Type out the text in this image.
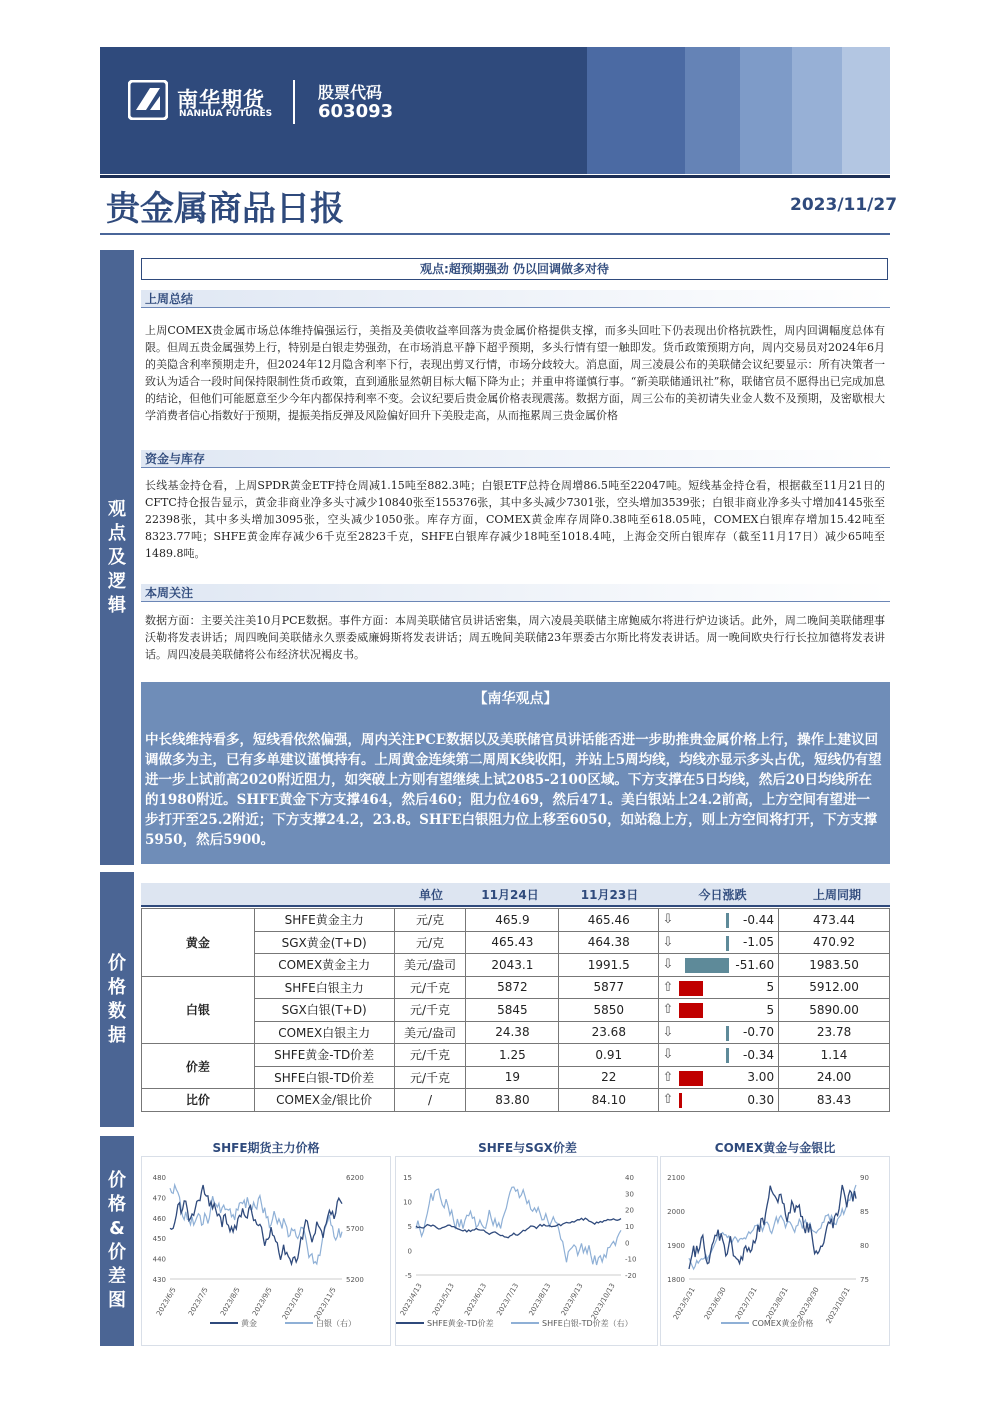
南华期货
NANHUA FUTURES
股票代码
603093
贵金属商品日报	2023/11/27
观点及逻辑
价格数据
价格&价差图
观点:超预期强劲 仍以回调做多对待
上周总结
上周COMEX贵金属市场总体维持偏强运行，美指及美债收益率回落为贵金属价格提供支撑，而多头回吐下仍表现出价格抗跌性，周内回调幅度总体有限。但周五贵金属强势上行，特别是白银走势强劲，在市场消息平静下超乎预期，多头行情有望一触即发。货币政策预期方向，周内交易员对2024年6月的美隐含利率预期走升，但2024年12月隐含利率下行，表现出剪叉行情，市场分歧较大。消息面，周三凌晨公布的美联储会议纪要显示：所有决策者一致认为适合一段时间保持限制性货币政策，直到通胀显然朝目标大幅下降为止；并重申将谨慎行事。“新美联储通讯社”称，联储官员不愿得出已完成加息的结论，但他们可能愿意至少今年内都保持利率不变。会议纪要后贵金属价格表现震荡。数据方面，周三公布的美初请失业金人数不及预期，及密歇根大学消费者信心指数好于预期，提振美指反弹及风险偏好回升下美股走高，从而拖累周三贵金属价格
资金与库存
长线基金持仓看，上周SPDR黄金ETF持仓周减1.15吨至882.3吨；白银ETF总持仓周增86.5吨至22047吨。短线基金持仓看，根据截至11月21日的CFTC持仓报告显示，黄金非商业净多头寸减少10840张至155376张，其中多头减少7301张，空头增加3539张；白银非商业净多头寸增加4145张至22398张，其中多头增加3095张，空头减少1050张。库存方面，COMEX黄金库存周降0.38吨至618.05吨，COMEX白银库存增加15.42吨至8323.77吨；SHFE黄金库存减少6千克至2823千克，SHFE白银库存减少18吨至1018.4吨，上海金交所白银库存（截至11月17日）减少65吨至1489.8吨。
本周关注
数据方面：主要关注美10月PCE数据。事件方面：本周美联储官员讲话密集，周六凌晨美联储主席鲍威尔将进行炉边谈话。此外，周二晚间美联储理事沃勒将发表讲话；周四晚间美联储永久票委威廉姆斯将发表讲话；周五晚间美联储23年票委古尔斯比将发表讲话。周一晚间欧央行行长拉加德将发表讲话。周四凌晨美联储将公布经济状况褐皮书。
【南华观点】
中长线维持看多，短线看依然偏强，周内关注PCE数据以及美联储官员讲话能否进一步助推贵金属价格上行，操作上建议回调做多为主，已有多单建议谨慎持有。上周黄金连续第二周周K线收阳，并站上5周均线，均线亦显示多头占优，短线仍有望进一步上试前高2020附近阻力，如突破上方则有望继续上试2085-2100区域。下方支撑在5日均线，然后20日均线所在的1980附近。SHFE黄金下方支撑464，然后460；阻力位469，然后471。美白银站上24.2前高，上方空间有望进一步打开至25.2附近；下方支撑24.2，23.8。SHFE白银阻力位上移至6050，如站稳上方，则上方空间将打开，下方支撑5950，然后5900。
单位	11月24日	11月23日	今日涨跌	上周同期
黄金	SHFE黄金主力	元/克	465.9	465.46	⇩	-0.44	473.44
	SGX黄金(T+D)	元/克	465.43	464.38	⇩	-1.05	470.92
	COMEX黄金主力	美元/盎司	2043.1	1991.5	⇩	-51.60	1983.50
白银	SHFE白银主力	元/千克	5872	5877	⇧	5	5912.00
	SGX白银(T+D)	元/千克	5845	5850	⇧	5	5890.00
	COMEX白银主力	美元/盎司	24.38	23.68	⇩	-0.70	23.78
价差	SHFE黄金-TD价差	元/千克	1.25	0.91	⇩	-0.34	1.14
	SHFE白银-TD价差	元/千克	19	22	⇧	3.00	24.00
比价	COMEX金/银比价	/	83.80	84.10	⇧	0.30	83.43
SHFE期货主力价格	SHFE与SGX价差	COMEX黄金与金银比
480
470
460
450
440
430
6200
5700
5200
2023/6/5 2023/7/5 2023/8/5 2023/9/5 2023/10/5 2023/11/5
黄金	白银（右）
15
10
5
0
-5
40
30
20
10
0
-10
-20
2023/4/13 2023/5/13 2023/6/13 2023/7/13 2023/8/13 2023/9/13 2023/10/13
SHFE黄金-TD价差	SHFE白银-TD价差（右）
2100
2000
1900
1800
90
85
80
75
2023/5/31 2023/6/30 2023/7/31 2023/8/31 2023/9/30 2023/10/31
COMEX黄金价格
